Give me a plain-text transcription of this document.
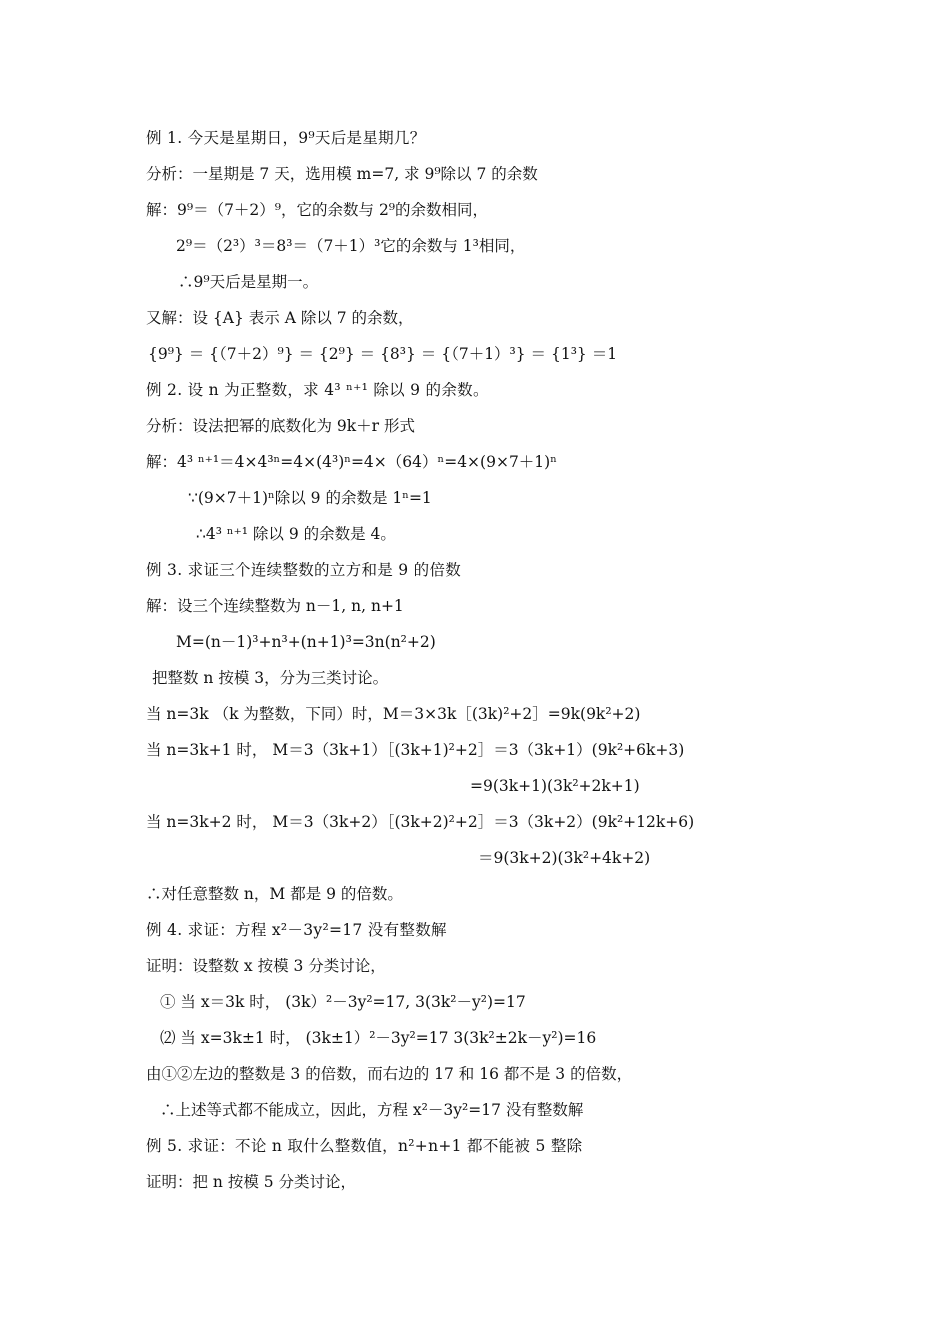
例 1. 今天是星期日，9⁹天后是星期几？
分析：一星期是 7 天，选用模 m=7, 求 9⁹除以 7 的余数
解：9⁹＝（7＋2）⁹，它的余数与 2⁹的余数相同，
2⁹＝（2³）³＝8³＝（7＋1）³它的余数与 1³相同，
∴9⁹天后是星期一。
又解：设 {A} 表示 A 除以 7 的余数，
{9⁹} ＝ {（7＋2）⁹} ＝ {2⁹} ＝ {8³} ＝ {（7＋1）³} ＝ {1³} ＝1
例 2. 设 n 为正整数，求 4³ ⁿ⁺¹ 除以 9 的余数。
分析：设法把幂的底数化为 9k＋r 形式
解：4³ ⁿ⁺¹＝4×4³ⁿ=4×(4³)ⁿ=4×（64）ⁿ=4×(9×7＋1)ⁿ
∵(9×7＋1)ⁿ除以 9 的余数是 1ⁿ=1
∴4³ ⁿ⁺¹ 除以 9 的余数是 4。
例 3. 求证三个连续整数的立方和是 9 的倍数
解：设三个连续整数为 n－1, n, n+1
M=(n－1)³+n³+(n+1)³=3n(n²+2)
把整数 n 按模 3，分为三类讨论。
当 n=3k （k 为整数，下同）时，M＝3×3k［(3k)²+2］=9k(9k²+2)
当 n=3k+1 时， M＝3（3k+1）［(3k+1)²+2］＝3（3k+1）(9k²+6k+3)
=9(3k+1)(3k²+2k+1)
当 n=3k+2 时， M＝3（3k+2）［(3k+2)²+2］＝3（3k+2）(9k²+12k+6)
＝9(3k+2)(3k²+4k+2)
∴对任意整数 n，M 都是 9 的倍数。
例 4. 求证：方程 x²－3y²=17 没有整数解
证明：设整数 x 按模 3 分类讨论，
① 当 x＝3k 时， (3k）²－3y²=17, 3(3k²－y²)=17
⑵ 当 x=3k±1 时， (3k±1）²－3y²=17 3(3k²±2k－y²)=16
由①②左边的整数是 3 的倍数，而右边的 17 和 16 都不是 3 的倍数，
∴上述等式都不能成立，因此，方程 x²－3y²=17 没有整数解
例 5. 求证：不论 n 取什么整数值，n²+n+1 都不能被 5 整除
证明：把 n 按模 5 分类讨论，
